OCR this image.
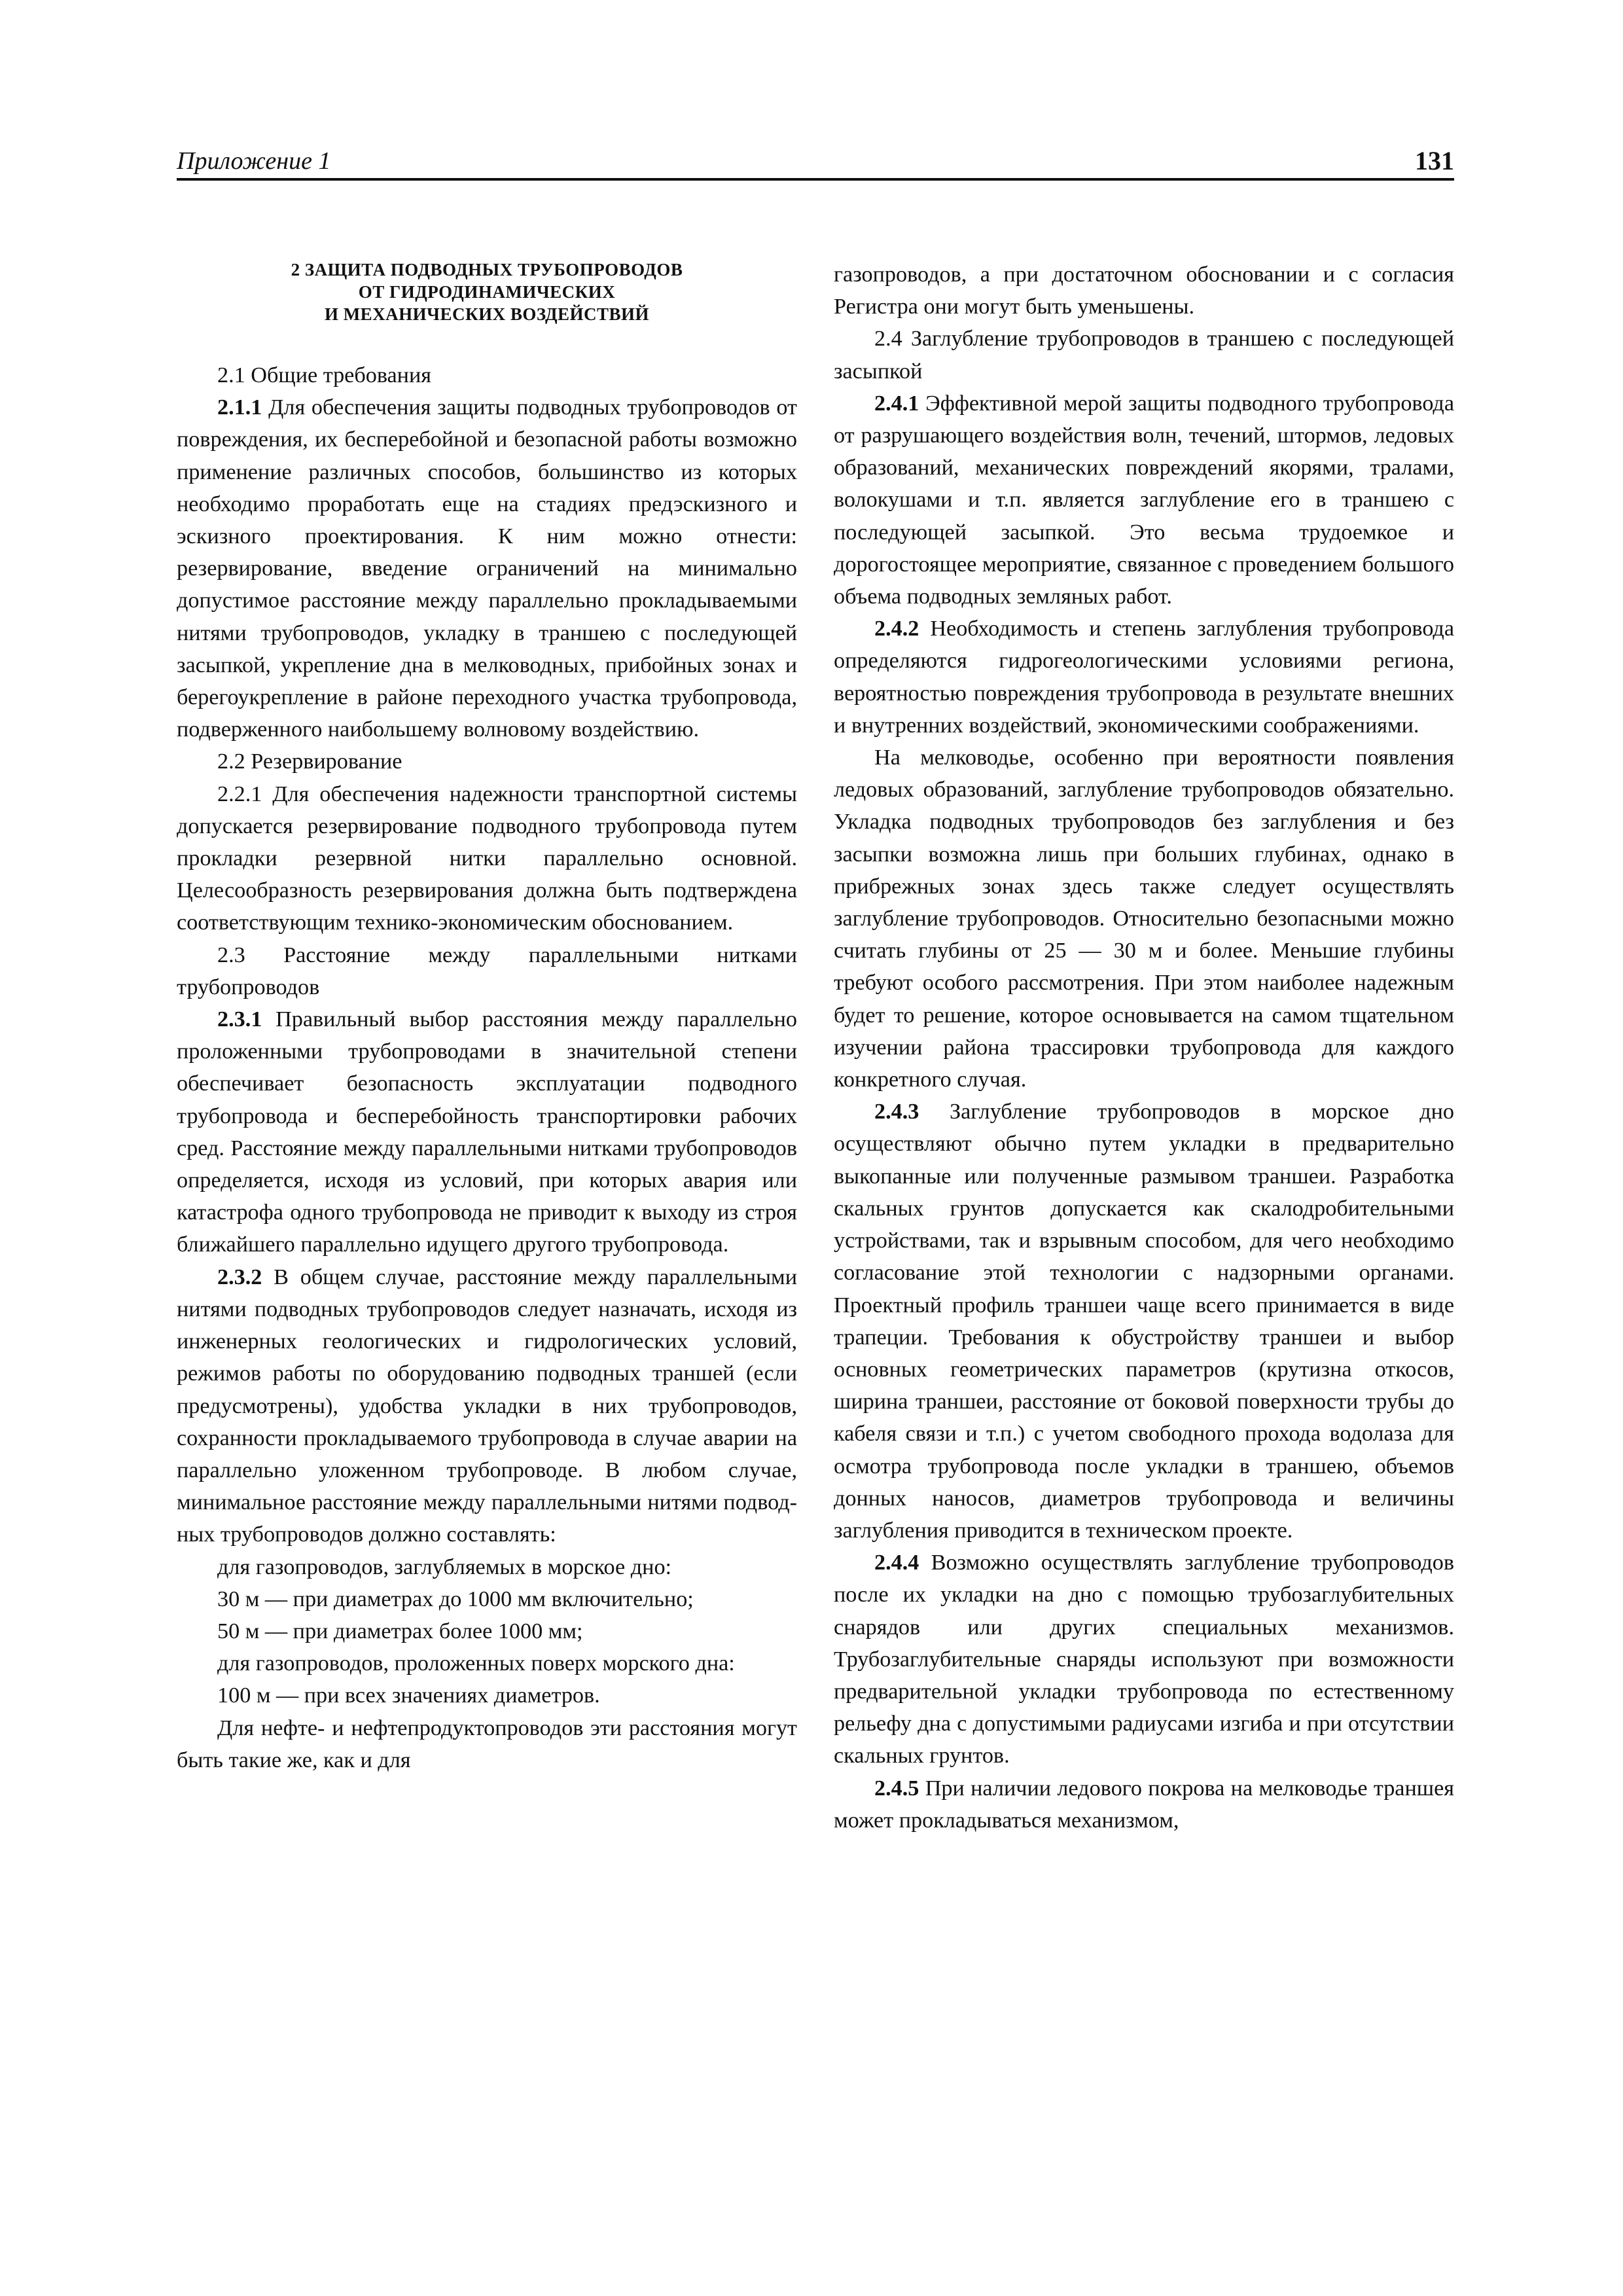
Приложение 1	131
2 ЗАЩИТА ПОДВОДНЫХ ТРУБОПРОВОДОВ
ОТ ГИДРОДИНАМИЧЕСКИХ
И МЕХАНИЧЕСКИХ ВОЗДЕЙСТВИЙ

2.1 Общие требования

2.1.1 Для обеспечения защиты подводных трубопроводов от повреждения, их бесперебойной и безопасной работы возможно применение различных способов, большинство из которых необходимо проработать еще на стадиях предэскизного и эскизного проектирования. К ним можно отнести: резервирование, введение ограничений на минимально допустимое расстояние между параллельно прокладываемыми нитями трубопроводов, укладку в траншею с последующей засыпкой, укрепление дна в мелководных, прибойных зонах и берегоукрепление в районе переходного участка трубопровода, подверженного наибольшему волновому воздействию.

2.2 Резервирование

2.2.1 Для обеспечения надежности транспортной системы допускается резервирование подводного трубопровода путем прокладки резервной нитки параллельно основной. Целесообразность резервирования должна быть подтверждена соответствующим технико-экономическим обоснованием.

2.3 Расстояние между параллельными нитками трубопроводов

2.3.1 Правильный выбор расстояния между параллельно проложенными трубопроводами в значительной степени обеспечивает безопасность эксплуатации подводного трубопровода и бесперебойность транспортировки рабочих сред. Расстояние между параллельными нитками трубопроводов определяется, исходя из условий, при которых авария или катастрофа одного трубопровода не приводит к выходу из строя ближайшего параллельно идущего другого трубопровода.

2.3.2 В общем случае, расстояние между параллельными нитями подводных трубопроводов следует назначать, исходя из инженерных геологических и гидрологических условий, режимов работы по оборудованию подводных траншей (если предусмотрены), удобства укладки в них трубопроводов, сохранности прокладываемого трубопровода в случае аварии на параллельно уложенном трубопроводе. В любом случае, минимальное расстояние между параллельными нитями подводных трубопроводов должно составлять:

для газопроводов, заглубляемых в морское дно:

30 м — при диаметрах до 1000 мм включительно;

50 м — при диаметрах более 1000 мм;

для газопроводов, проложенных поверх морского дна:

100 м — при всех значениях диаметров.

Для нефте- и нефтепродуктопроводов эти расстояния могут быть такие же, как и для

газопроводов, а при достаточном обосновании и с согласия Регистра они могут быть уменьшены.

2.4 Заглубление трубопроводов в траншею с последующей засыпкой

2.4.1 Эффективной мерой защиты подводного трубопровода от разрушающего воздействия волн, течений, штормов, ледовых образований, механических повреждений якорями, тралами, волокушами и т.п. является заглубление его в траншею с последующей засыпкой. Это весьма трудоемкое и дорогостоящее мероприятие, связанное с проведением большого объема подводных земляных работ.

2.4.2 Необходимость и степень заглубления трубопровода определяются гидрогеологическими условиями региона, вероятностью повреждения трубопровода в результате внешних и внутренних воздействий, экономическими соображениями.

На мелководье, особенно при вероятности появления ледовых образований, заглубление трубопроводов обязательно. Укладка подводных трубопроводов без заглубления и без засыпки возможна лишь при больших глубинах, однако в прибрежных зонах здесь также следует осуществлять заглубление трубопроводов. Относительно безопасными можно считать глубины от 25 — 30 м и более. Меньшие глубины требуют особого рассмотрения. При этом наиболее надежным будет то решение, которое основывается на самом тщательном изучении района трассировки трубопровода для каждого конкретного случая.

2.4.3 Заглубление трубопроводов в морское дно осуществляют обычно путем укладки в предварительно выкопанные или полученные размывом траншеи. Разработка скальных грунтов допускается как скалодробительными устройствами, так и взрывным способом, для чего необходимо согласование этой технологии с надзорными органами. Проектный профиль траншеи чаще всего принимается в виде трапеции. Требования к обустройству траншеи и выбор основных геометрических параметров (крутизна откосов, ширина траншеи, расстояние от боковой поверхности трубы до кабеля связи и т.п.) с учетом свободного прохода водолаза для осмотра трубопровода после укладки в траншею, объемов донных наносов, диаметров трубопровода и величины заглубления приводится в техническом проекте.

2.4.4 Возможно осуществлять заглубление трубопроводов после их укладки на дно с помощью трубозаглубительных снарядов или других специальных механизмов. Трубозаглубительные снаряды используют при возможности предварительной укладки трубопровода по естественному рельефу дна с допустимыми радиусами изгиба и при отсутствии скальных грунтов.

2.4.5 При наличии ледового покрова на мелководье траншея может прокладываться механизмом,
